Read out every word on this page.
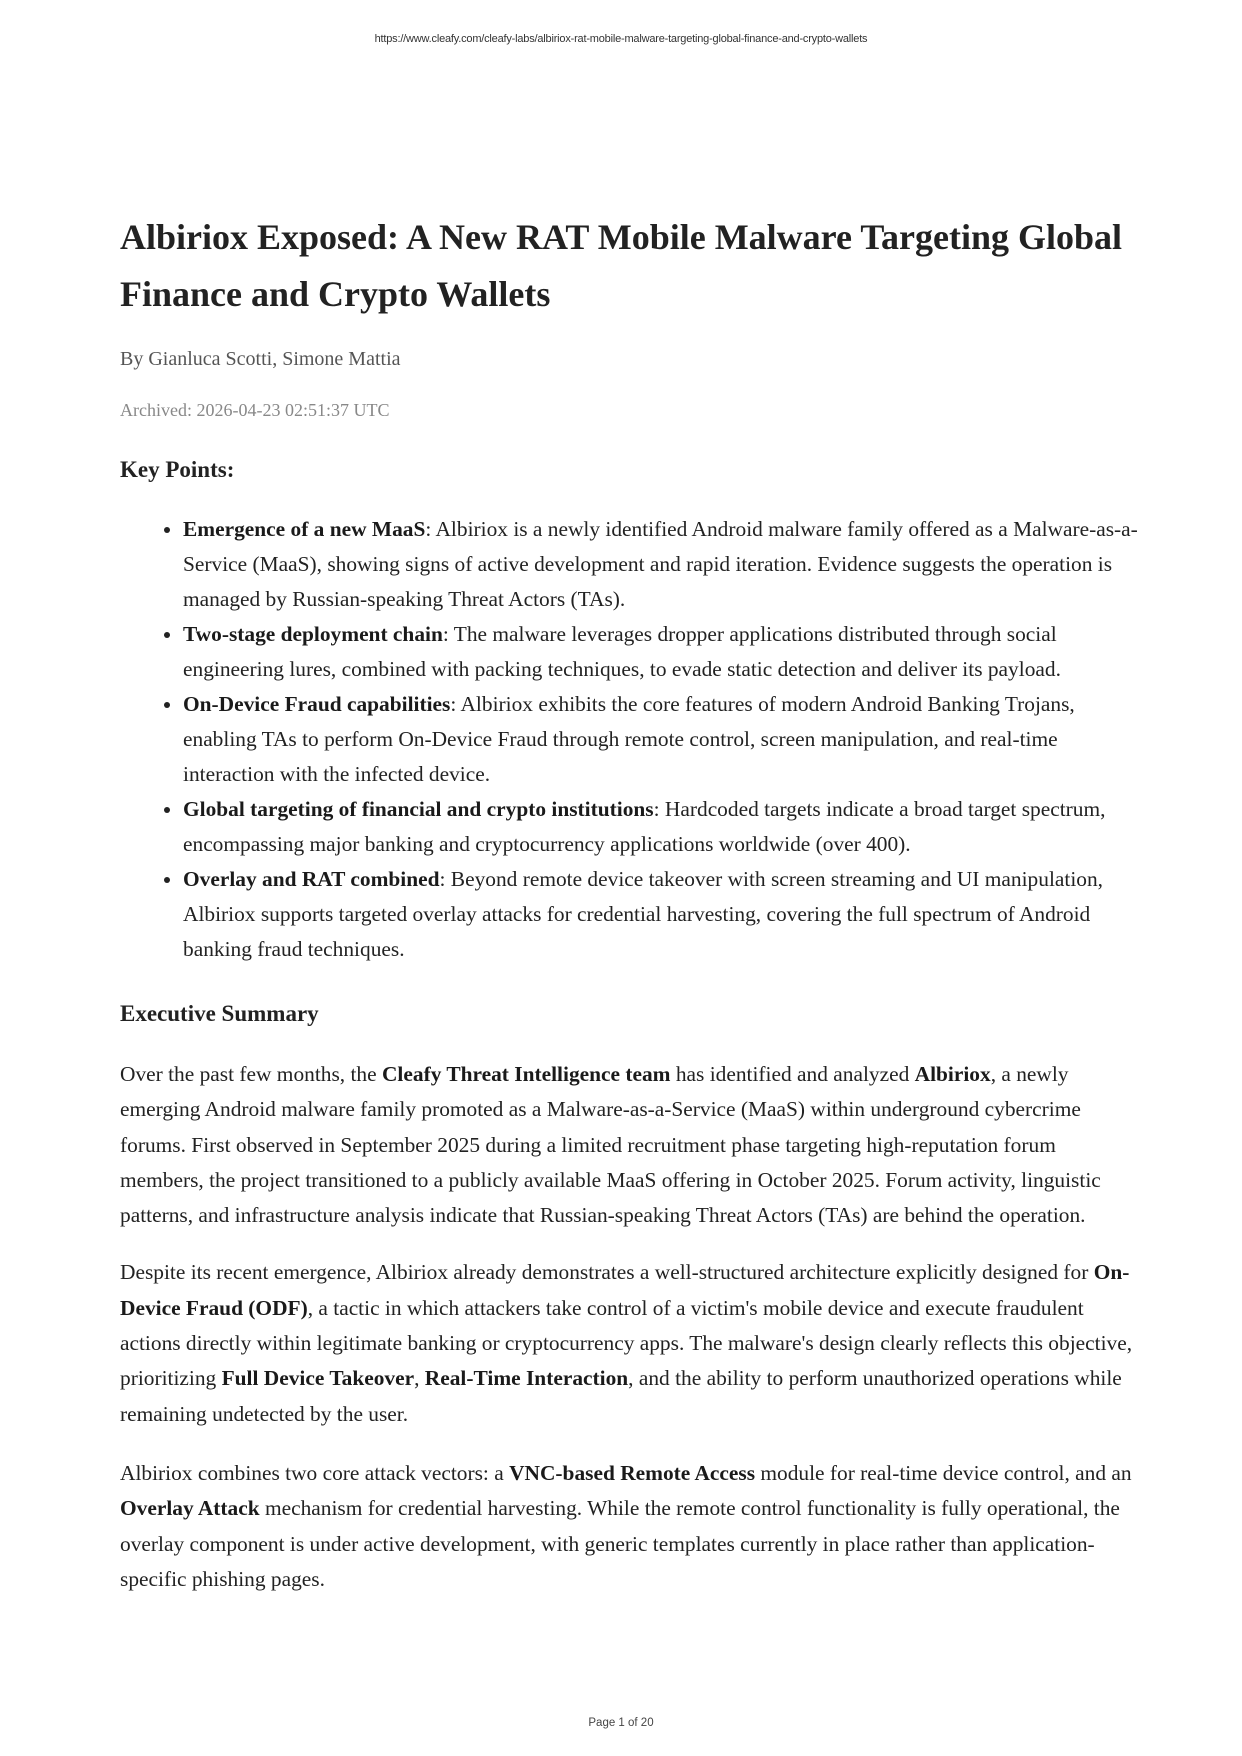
https://www.cleafy.com/cleafy-labs/albiriox-rat-mobile-malware-targeting-global-finance-and-crypto-wallets
Albiriox Exposed: A New RAT Mobile Malware Targeting Global Finance and Crypto Wallets
By Gianluca Scotti, Simone Mattia
Archived: 2026-04-23 02:51:37 UTC
Key Points:
• Emergence of a new MaaS: Albiriox is a newly identified Android malware family offered as a Malware-as-a-Service (MaaS), showing signs of active development and rapid iteration. Evidence suggests the operation is managed by Russian-speaking Threat Actors (TAs).
• Two-stage deployment chain: The malware leverages dropper applications distributed through social engineering lures, combined with packing techniques, to evade static detection and deliver its payload.
• On-Device Fraud capabilities: Albiriox exhibits the core features of modern Android Banking Trojans, enabling TAs to perform On-Device Fraud through remote control, screen manipulation, and real-time interaction with the infected device.
• Global targeting of financial and crypto institutions: Hardcoded targets indicate a broad target spectrum, encompassing major banking and cryptocurrency applications worldwide (over 400).
• Overlay and RAT combined: Beyond remote device takeover with screen streaming and UI manipulation, Albiriox supports targeted overlay attacks for credential harvesting, covering the full spectrum of Android banking fraud techniques.
Executive Summary

Over the past few months, the Cleafy Threat Intelligence team has identified and analyzed Albiriox, a newly emerging Android malware family promoted as a Malware-as-a-Service (MaaS) within underground cybercrime forums. First observed in September 2025 during a limited recruitment phase targeting high-reputation forum members, the project transitioned to a publicly available MaaS offering in October 2025. Forum activity, linguistic patterns, and infrastructure analysis indicate that Russian-speaking Threat Actors (TAs) are behind the operation.

Despite its recent emergence, Albiriox already demonstrates a well-structured architecture explicitly designed for On-Device Fraud (ODF), a tactic in which attackers take control of a victim's mobile device and execute fraudulent actions directly within legitimate banking or cryptocurrency apps. The malware's design clearly reflects this objective, prioritizing Full Device Takeover, Real-Time Interaction, and the ability to perform unauthorized operations while remaining undetected by the user.

Albiriox combines two core attack vectors: a VNC-based Remote Access module for real-time device control, and an Overlay Attack mechanism for credential harvesting. While the remote control functionality is fully operational, the overlay component is under active development, with generic templates currently in place rather than application-specific phishing pages.

Page 1 of 20
